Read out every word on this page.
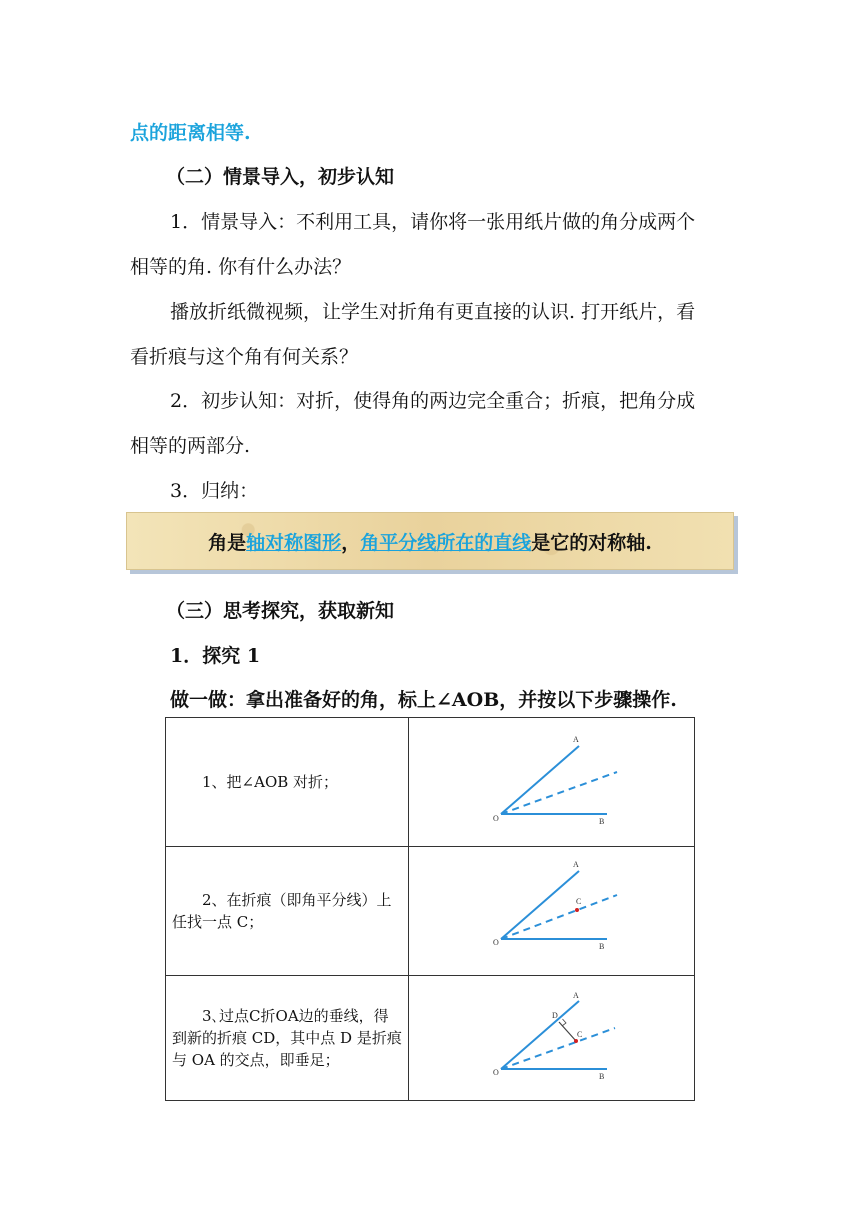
点的距离相等.
（二）情景导入，初步认知
1．情景导入：不利用工具，请你将一张用纸片做的角分成两个
相等的角. 你有什么办法？
播放折纸微视频，让学生对折角有更直接的认识. 打开纸片，看
看折痕与这个角有何关系？
2．初步认知：对折，使得角的两边完全重合；折痕，把角分成
相等的两部分.
3．归纳：
角是 轴对称图形 ， 角平分线所在的直线 是它的对称轴.
（三）思考探究，获取新知
1．探究 1
做一做：拿出准备好的角，标上∠AOB，并按以下步骤操作.
1、把∠AOB 对折；	A
O B

2、在折痕（即角平分线）上任找一点 C；	A
C
O B

3､过点C折OA边的垂线，得到新的折痕 CD，其中点 D 是折痕与 OA 的交点，即垂足；	A
D
C
O B
